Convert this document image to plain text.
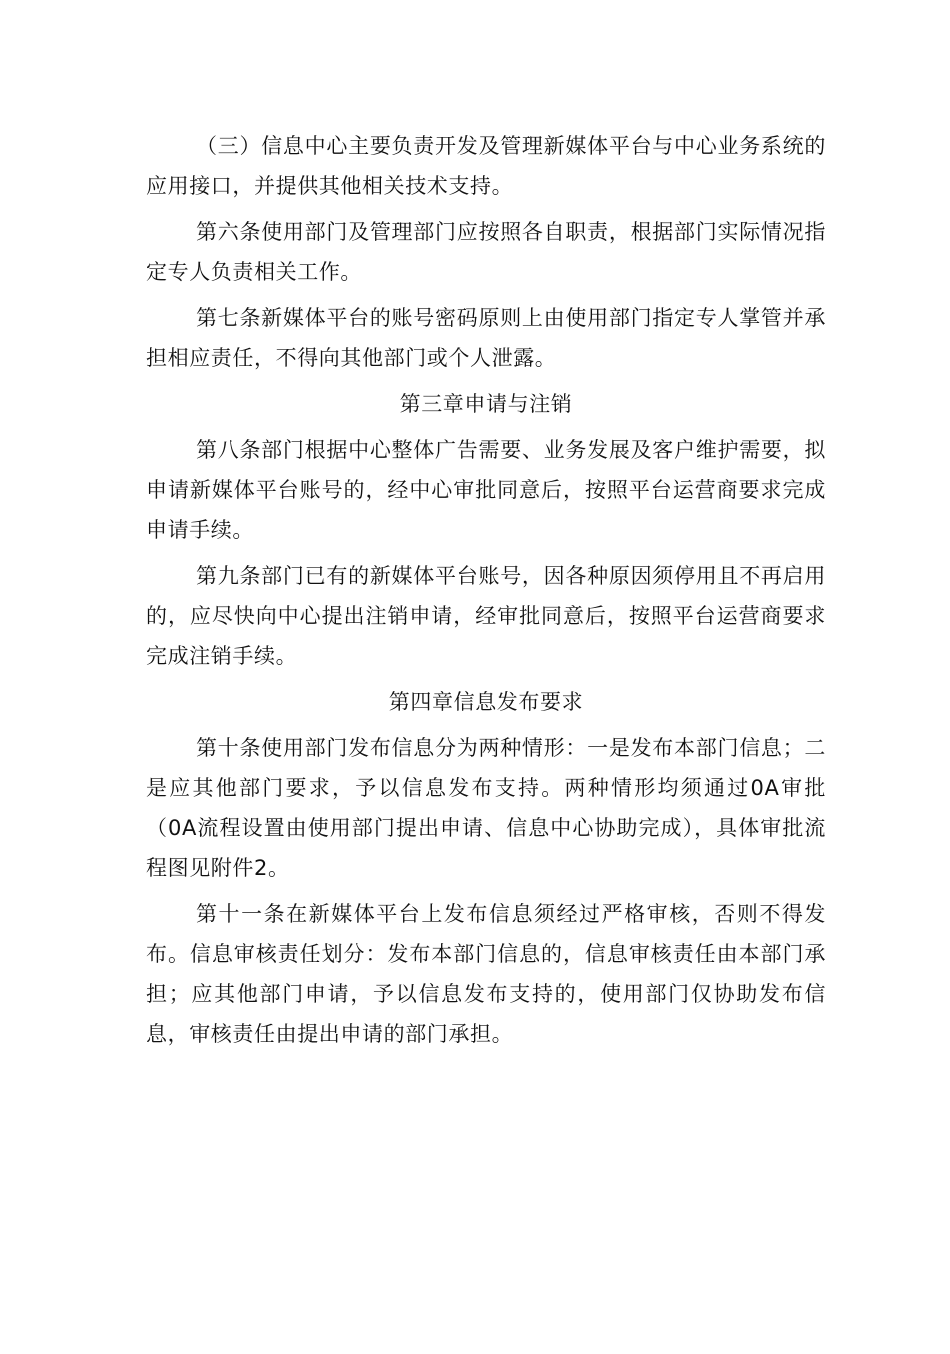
（三）信息中心主要负责开发及管理新媒体平台与中心业务系统的应用接口，并提供其他相关技术支持。

第六条使用部门及管理部门应按照各自职责，根据部门实际情况指定专人负责相关工作。

第七条新媒体平台的账号密码原则上由使用部门指定专人掌管并承担相应责任，不得向其他部门或个人泄露。

第三章申请与注销

第八条部门根据中心整体广告需要、业务发展及客户维护需要，拟申请新媒体平台账号的，经中心审批同意后，按照平台运营商要求完成申请手续。

第九条部门已有的新媒体平台账号，因各种原因须停用且不再启用的，应尽快向中心提出注销申请，经审批同意后，按照平台运营商要求完成注销手续。

第四章信息发布要求

第十条使用部门发布信息分为两种情形：一是发布本部门信息；二是应其他部门要求，予以信息发布支持。两种情形均须通过0A审批（0A流程设置由使用部门提出申请、信息中心协助完成），具体审批流程图见附件2。

第十一条在新媒体平台上发布信息须经过严格审核，否则不得发布。信息审核责任划分：发布本部门信息的，信息审核责任由本部门承担；应其他部门申请，予以信息发布支持的，使用部门仅协助发布信息，审核责任由提出申请的部门承担。
